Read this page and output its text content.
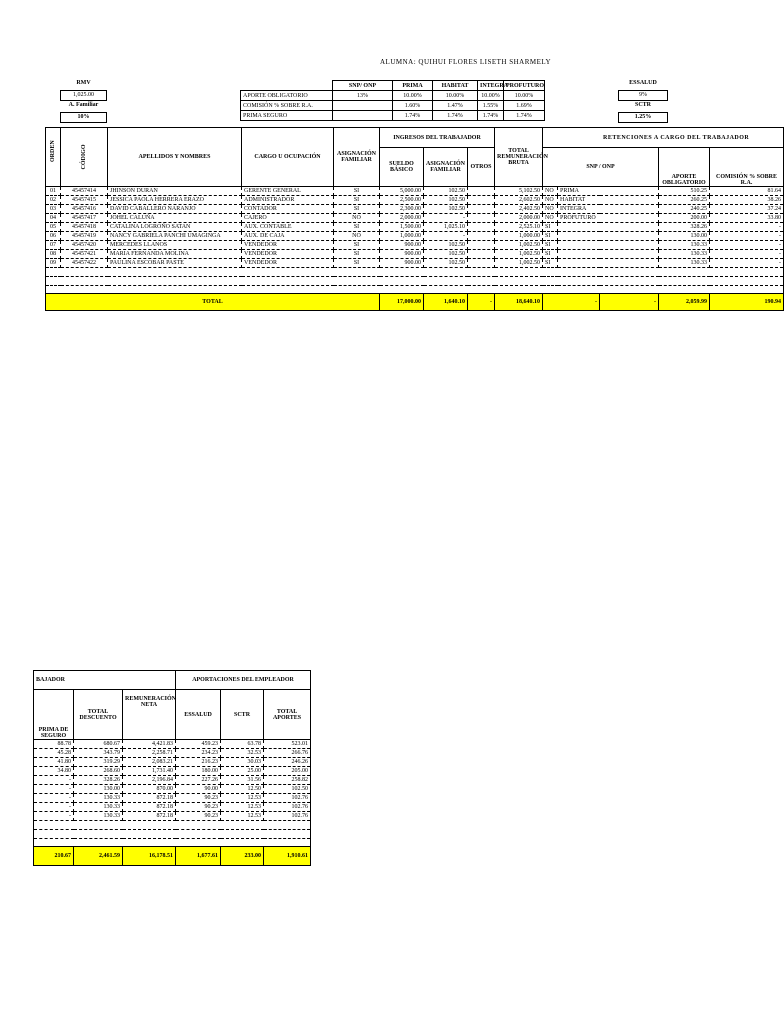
ALUMNA: QUIHUI FLORES LISETH SHARMELY
RMV
1,025.00
A. Familiar
10%
	SNP/ ONP	PRIMA	HABITAT	INTEGRA	PROFUTURO
APORTE OBLIGATORIO	13%	10.00%	10.00%	10.00%	10.00%
COMISIÓN % SOBRE R.A.		1.60%	1.47%	1.55%	1.69%
PRIMA SEGURO		1.74%	1.74%	1.74%	1.74%
ESSALUD
9%
SCTR
1.25%
ORDEN	CÓDIGO	APELLIDOS Y NOMBRES	CARGO U OCUPACIÓN	ASIGNACIÓN FAMILIAR	INGRESOS DEL TRABAJADOR			TOTAL REMUNERACIÓN BRUTA	RETENCIONES A CARGO DEL TRABAJADOR				
					SUELDO BÁSICO	ASIGNACIÓN FAMILIAR	OTROS		SNP / ONP			APORTE OBLIGATORIO	COMISIÓN % SOBRE R.A.
01	45457414	JHINSON DURAN	GERENTE GENERAL	SI	5,000.00	102.50		5,102.50	NO	PRIMA		510.25	81.64
02	45457415	JESSICA PAOLA HERRERA ERAZO	ADMINISTRADOR	SI	2,500.00	102.50		2,602.50	NO	HABITAT		260.25	38.26
03	45457416	DAVID CABALLERO NARANJO	CONTADOR	SI	2,300.00	102.50		2,402.50	NO	INTEGRA		240.25	37.24
04	45457417	JOHEL CALUÑA	CAJERO	NO	2,000.00	-		2,000.00	NO	PROFUTURO		200.00	33.80
05	45457418	CATALINA LOGROÑO SATAN	AUX. CONTABLE	SI	1,500.00	1,025.10		2,525.10	SI			328.26	-
06	45457419	NANCY GABRIELA PANCHI UMAGINGA	AUX. DE CAJA	NO	1,000.00	-		1,000.00	SI			130.00	-
07	45457420	MERCEDES LLANOS	VENDEDOR	SI	900.00	102.50		1,002.50	SI			130.33	-
08	45457421	MARIA FERNANDA MOLINA	VENDEDOR	SI	900.00	102.50		1,002.50	SI			130.33	-
09	45457422	PAULINA ESCOBAR PASTE	VENDEDOR	SI	900.00	102.50		1,002.50	SI			130.33	-

TOTAL					17,000.00	1,640.10	-	18,640.10	-		-	2,059.99	190.94
BAJADOR			APORTACIONES DEL EMPLEADOR		
PRIMA DE SEGURO	TOTAL DESCUENTO	REMUNERACIÓN NETA	ESSALUD	SCTR	TOTAL APORTES
88.78	680.67	4,421.83	459.23	63.78	523.01
45.28	343.79	2,258.71	234.23	32.53	266.76
41.80	319.29	2,083.21	216.23	30.03	246.26
34.80	268.60	1,731.40	180.00	25.00	205.00
-	328.26	2,196.84	227.26	31.56	258.82
-	130.00	870.00	90.00	12.50	102.50
-	130.33	872.18	90.23	12.53	102.76
-	130.33	872.18	90.23	12.53	102.76
-	130.33	872.18	90.23	12.53	102.76

210.67	2,461.59	16,178.51	1,677.61	233.00	1,910.61
